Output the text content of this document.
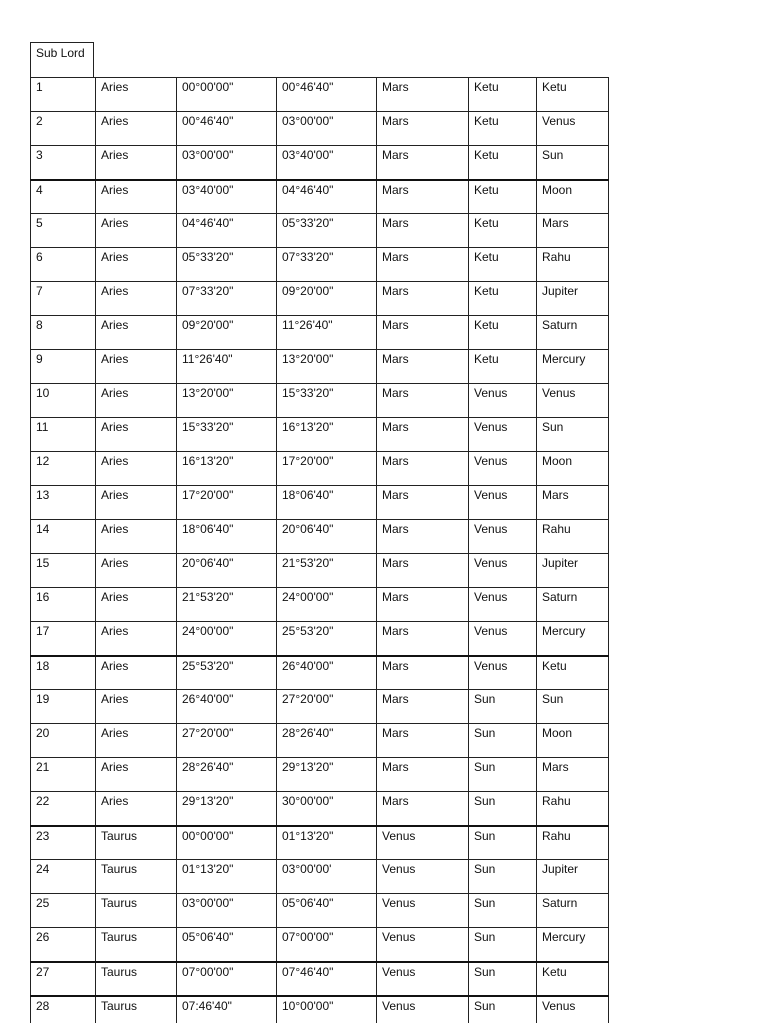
Sub Lord
1	Aries	00°00'00"	00°46'40"	Mars	Ketu	Ketu
2	Aries	00°46'40"	03°00'00"	Mars	Ketu	Venus
3	Aries	03°00'00"	03°40'00"	Mars	Ketu	Sun
4	Aries	03°40'00"	04°46'40"	Mars	Ketu	Moon
5	Aries	04°46'40"	05°33'20"	Mars	Ketu	Mars
6	Aries	05°33'20"	07°33'20"	Mars	Ketu	Rahu
7	Aries	07°33'20"	09°20'00"	Mars	Ketu	Jupiter
8	Aries	09°20'00"	11°26'40"	Mars	Ketu	Saturn
9	Aries	11°26'40"	13°20'00"	Mars	Ketu	Mercury
10	Aries	13°20'00"	15°33'20"	Mars	Venus	Venus
11	Aries	15°33'20"	16°13'20"	Mars	Venus	Sun
12	Aries	16°13'20"	17°20'00"	Mars	Venus	Moon
13	Aries	17°20'00"	18°06'40"	Mars	Venus	Mars
14	Aries	18°06'40"	20°06'40"	Mars	Venus	Rahu
15	Aries	20°06'40"	21°53'20"	Mars	Venus	Jupiter
16	Aries	21°53'20"	24°00'00"	Mars	Venus	Saturn
17	Aries	24°00'00"	25°53'20"	Mars	Venus	Mercury
18	Aries	25°53'20"	26°40'00"	Mars	Venus	Ketu
19	Aries	26°40'00"	27°20'00"	Mars	Sun	Sun
20	Aries	27°20'00"	28°26'40"	Mars	Sun	Moon
21	Aries	28°26'40"	29°13'20"	Mars	Sun	Mars
22	Aries	29°13'20"	30°00'00"	Mars	Sun	Rahu
23	Taurus	00°00'00"	01°13'20"	Venus	Sun	Rahu
24	Taurus	01°13'20"	03°00'00'	Venus	Sun	Jupiter
25	Taurus	03°00'00"	05°06'40"	Venus	Sun	Saturn
26	Taurus	05°06'40"	07°00'00"	Venus	Sun	Mercury
27	Taurus	07°00'00"	07°46'40"	Venus	Sun	Ketu
28	Taurus	07:46'40"	10°00'00"	Venus	Sun	Venus
